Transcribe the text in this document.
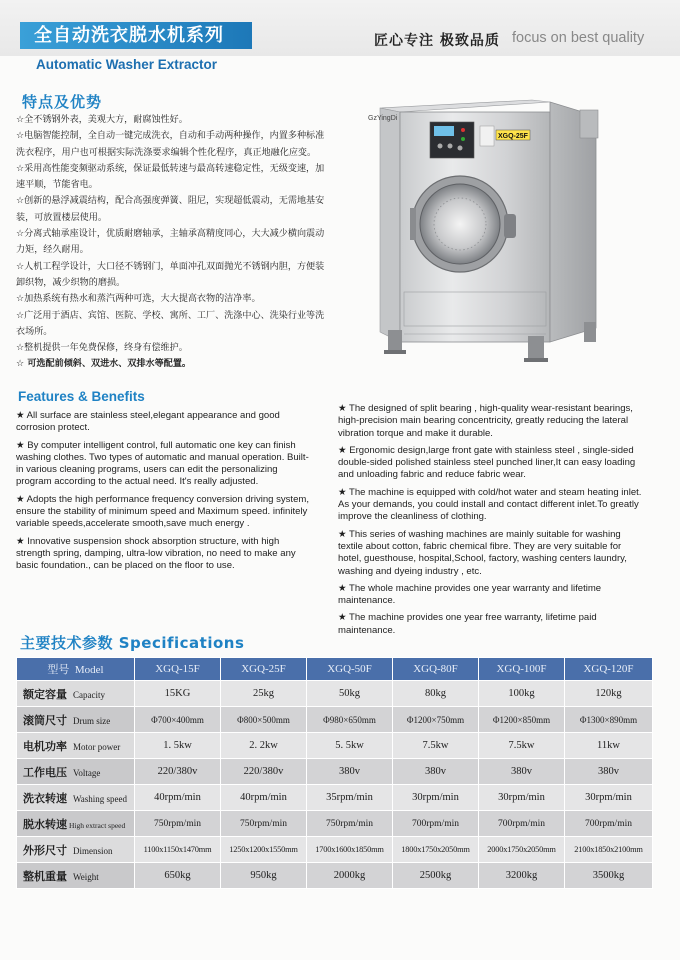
全自动洗衣脱水机系列	匠心专注 极致品质 focus on best quality
Automatic Washer Extractor
特点及优势

☆全不锈钢外表，美观大方，耐腐蚀性好。

☆电脑智能控制，全自动一键完成洗衣，自动和手动两种操作，内置多种标准

洗衣程序，用户也可根据实际洗涤要求编辑个性化程序，真正地融化应变。

☆采用高性能变频驱动系统，保证最低转速与最高转速稳定性，无级变速，加

速平顺，节能省电。

☆创新的悬浮减震结构，配合高强度弹簧、阻尼，实现超低震动，无需地基安

装，可放置楼层使用。

☆分离式轴承座设计，优质耐磨轴承，主轴承高精度同心，大大减少横向震动

力矩，经久耐用。

☆人机工程学设计，大口径不锈钢门，单面冲孔双面抛光不锈钢内胆，方便装

卸织物，减少织物的磨损。

☆加热系统有热水和蒸汽两种可选，大大提高衣物的洁净率。

☆广泛用于酒店、宾馆、医院、学校、寓所、工厂、洗涤中心、洗染行业等洗

衣场所。

☆整机提供一年免费保修，终身有偿维护。

☆ 可选配前倾斜、双进水、双排水等配置。

GzYingDi
XGQ-25F
Features & Benefits

★ All surface are stainless steel,elegant appearance and good corrosion protect.

★ By computer intelligent control, full automatic one key can finish washing clothes. Two types of automatic and manual operation. Built-in various cleaning programs, users can edit the personalizing program according to the actual need. It's really adjusted.

★ Adopts the high performance frequency conversion driving system, ensure the stability of minimum speed and Maximum speed. infinitely variable speeds,accelerate smooth,save much energy .

★ Innovative suspension shock absorption structure, with high strength spring, damping, ultra-low vibration, no need to make any basic foundation., can be placed on the floor to use.

★ The designed of split bearing , high-quality wear-resistant bearings, high-precision main bearing concentricity, greatly reducing the lateral vibration torque and make it durable.

★ Ergonomic design,large front gate with stainless steel , single-sided double-sided polished stainless steel punched liner,It can easy loading and unloading fabric and reduce fabric wear.

★ The machine is equipped with cold/hot water and steam heating inlet. As your demands, you could install and contact different inlet.To greatly improve the cleanliness of clothing.

★ This series of washing machines are mainly suitable for washing textile about cotton, fabric chemical fibre. They are very suitable for hotel, guesthouse, hospital,School, factory, washing centers laundry, washing and dyeing industry , etc.

★ The whole machine provides one year warranty and lifetime maintenance.

★ The machine provides one year free warranty, lifetime paid maintenance.

主要技术参数 Specifications
型号 Model	XGQ-15F	XGQ-25F	XGQ-50F	XGQ-80F	XGQ-100F	XGQ-120F
额定容量 Capacity	15KG	25kg	50kg	80kg	100kg	120kg
滚筒尺寸 Drum size	Φ700×400mm	Φ800×500mm	Φ980×650mm	Φ1200×750mm	Φ1200×850mm	Φ1300×890mm
电机功率 Motor power	1. 5kw	2. 2kw	5. 5kw	7.5kw	7.5kw	11kw
工作电压 Voltage	220/380v	220/380v	380v	380v	380v	380v
洗衣转速 Washing speed	40rpm/min	40rpm/min	35rpm/min	30rpm/min	30rpm/min	30rpm/min
脱水转速 High extract speed	750rpm/min	750rpm/min	750rpm/min	700rpm/min	700rpm/min	700rpm/min
外形尺寸 Dimension	1100x1150x1470mm	1250x1200x1550mm	1700x1600x1850mm	1800x1750x2050mm	2000x1750x2050mm	2100x1850x2100mm
整机重量 Weight	650kg	950kg	2000kg	2500kg	3200kg	3500kg
